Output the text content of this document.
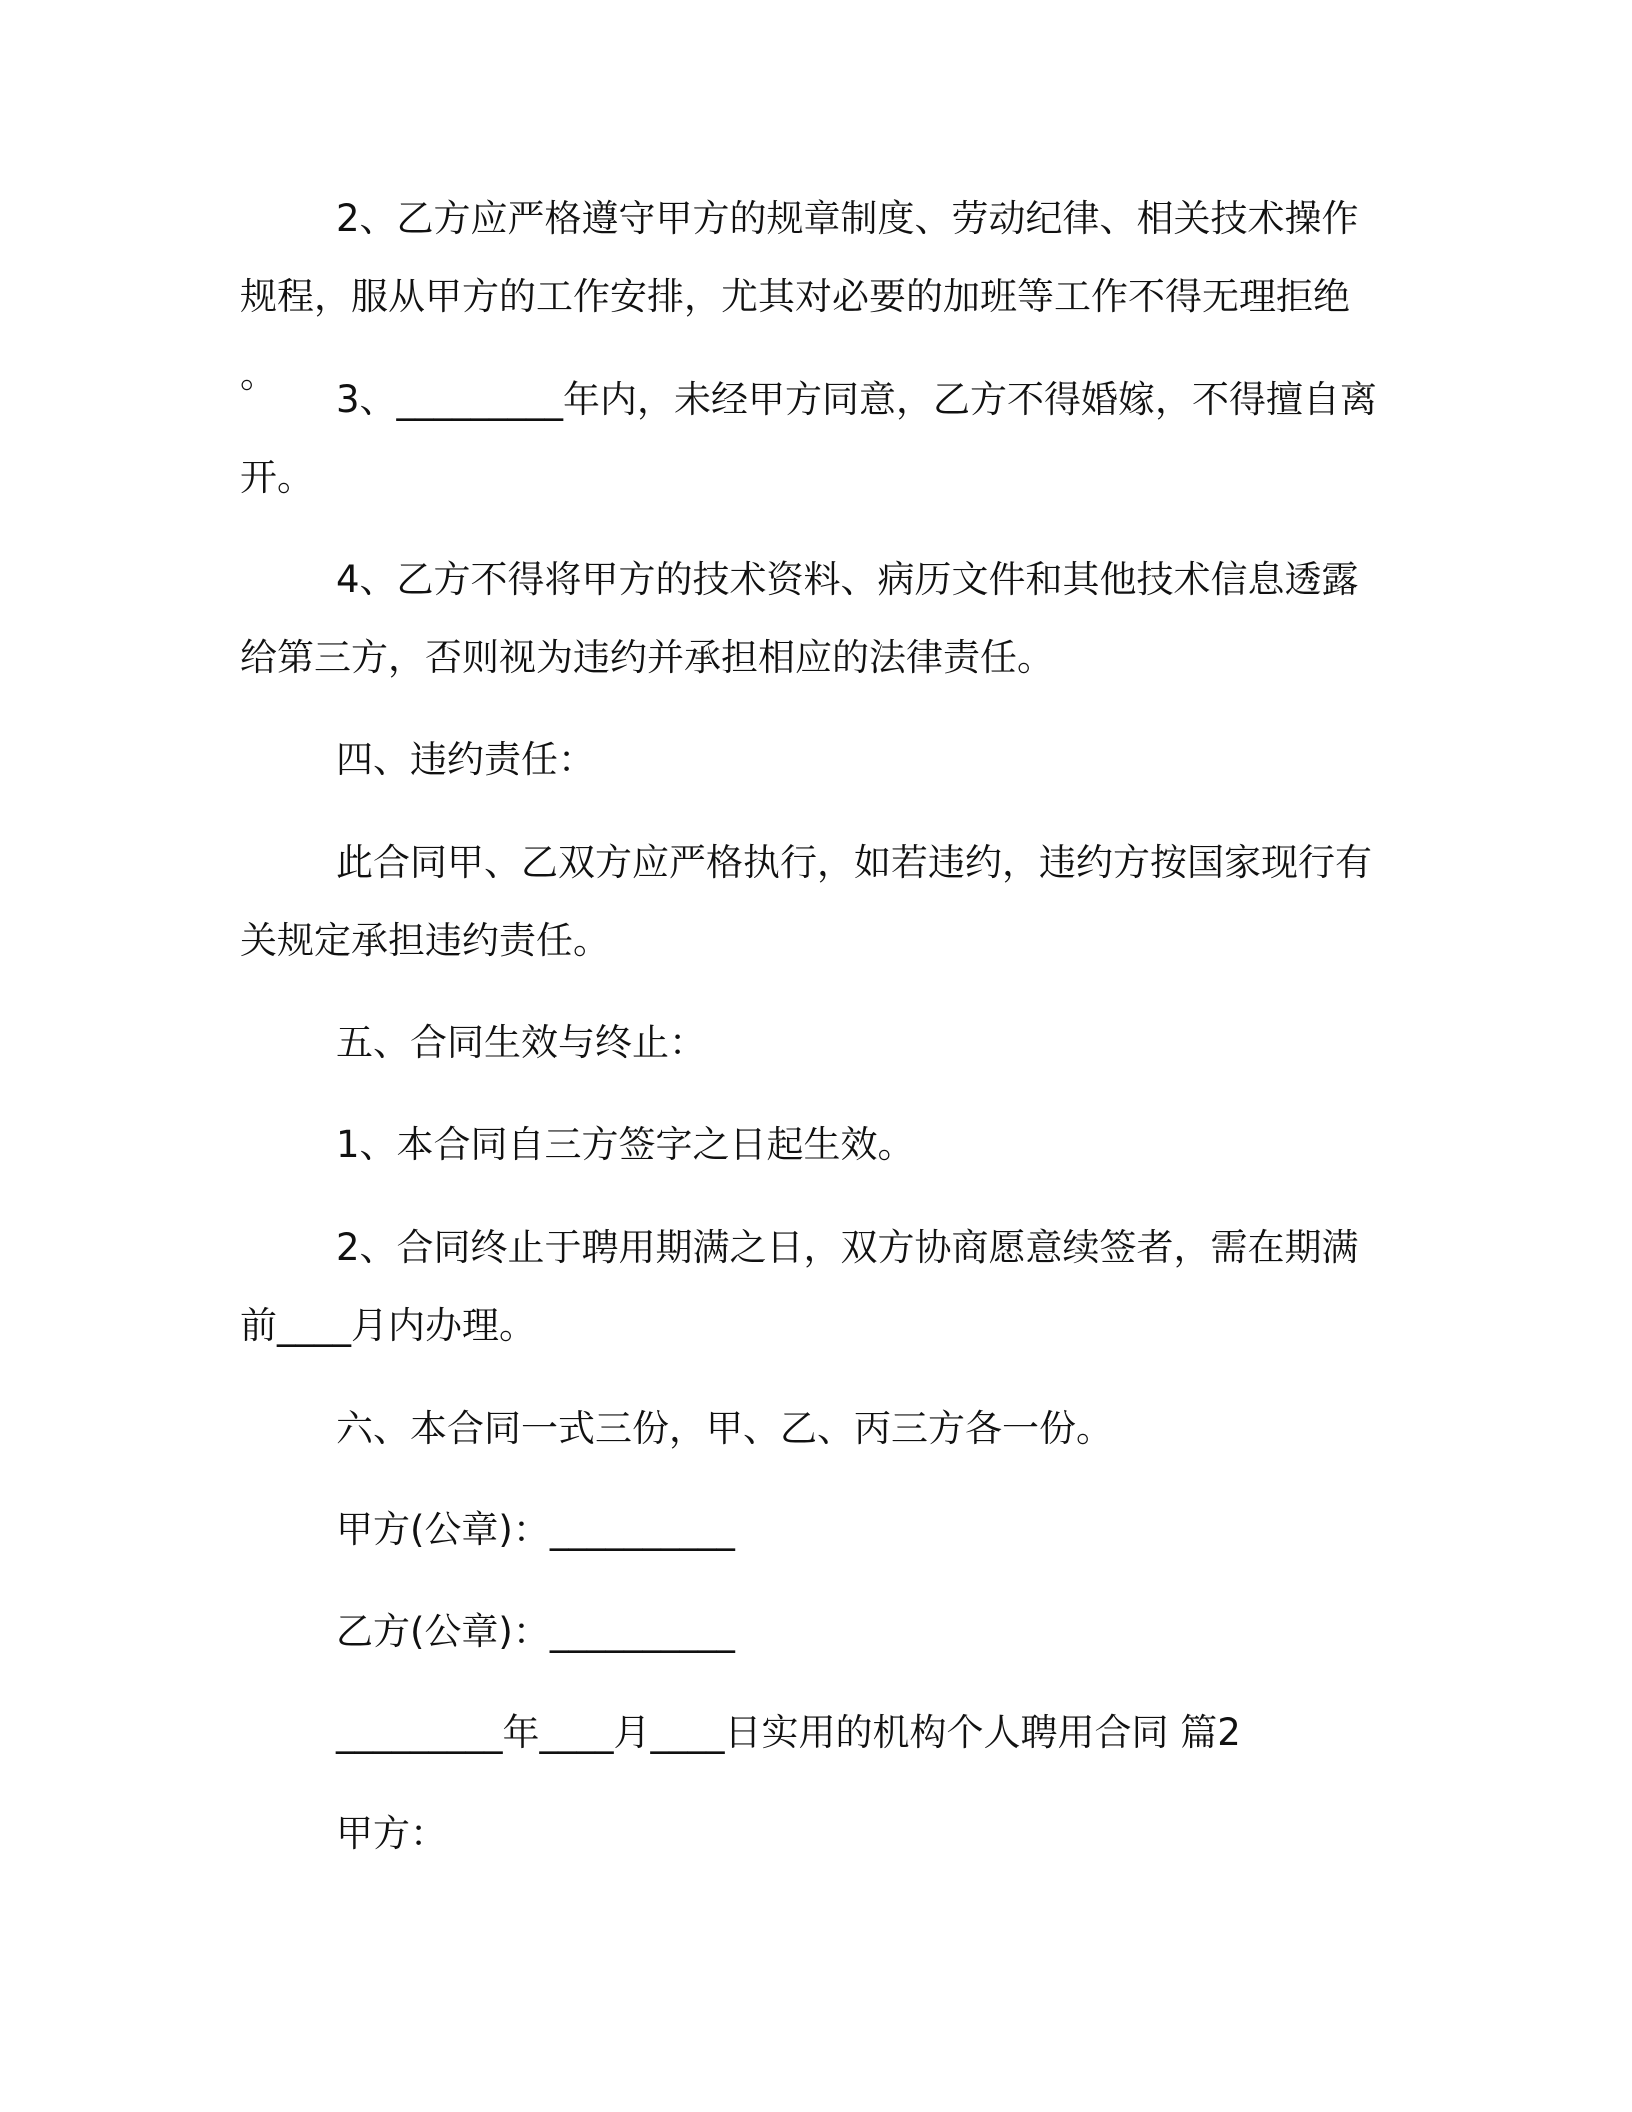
2、乙方应严格遵守甲方的规章制度、劳动纪律、相关技术操作规程，服从甲方的工作安排，尤其对必要的加班等工作不得无理拒绝。

3、_________年内，未经甲方同意，乙方不得婚嫁，不得擅自离开。

4、乙方不得将甲方的技术资料、病历文件和其他技术信息透露给第三方，否则视为违约并承担相应的法律责任。

四、违约责任：

此合同甲、乙双方应严格执行，如若违约，违约方按国家现行有关规定承担违约责任。

五、合同生效与终止：

1、本合同自三方签字之日起生效。

2、合同终止于聘用期满之日，双方协商愿意续签者，需在期满前____月内办理。

六、本合同一式三份，甲、乙、丙三方各一份。

甲方(公章)：__________

乙方(公章)：__________

_________年____月____日实用的机构个人聘用合同 篇2

甲方：
